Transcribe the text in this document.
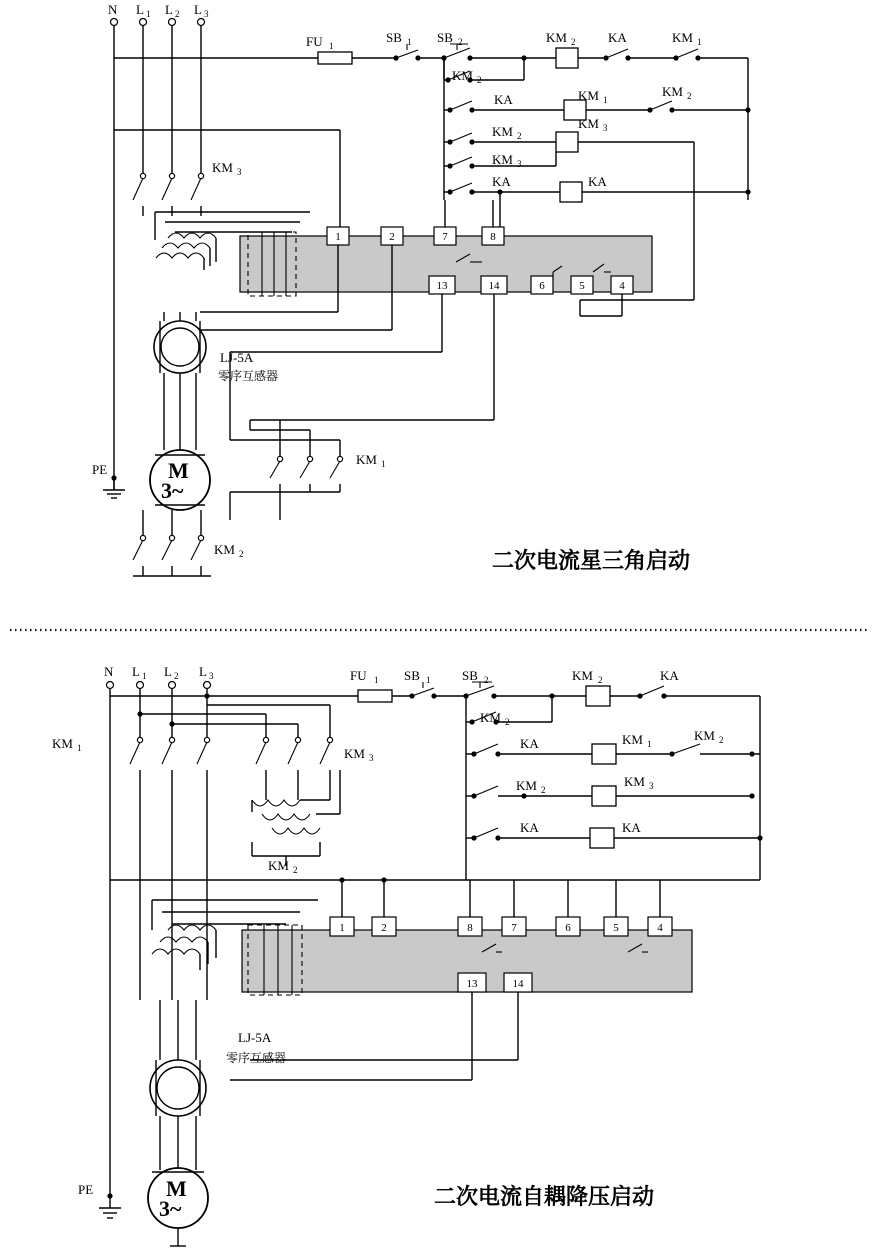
1	2	7	8
13	14	6	5	4
M
3~
PE
N L 1 L 2 L 3
FU 1
SB 1 SB 2	KM 2	KA	KM 1
KM 2
KA	KM 1
KM 2
KM 2
KM 3
KM 3
KA	KA
KM 3
KM 1
KM 2
LJ-5A
零序互感器
二次电流星三角启动
1	2	8	7	6	5	4
13	14
M
3~
PE
N L 1 L 2 L 3	FU 1 SB 1 SB 2	KM 2	KA
KM 2
KA	KM 1
KM 2
KM 2
KM 3
KA	KA
KM 1	KM 3
KM 2
LJ-5A
零序互感器
二次电流自耦降压启动
